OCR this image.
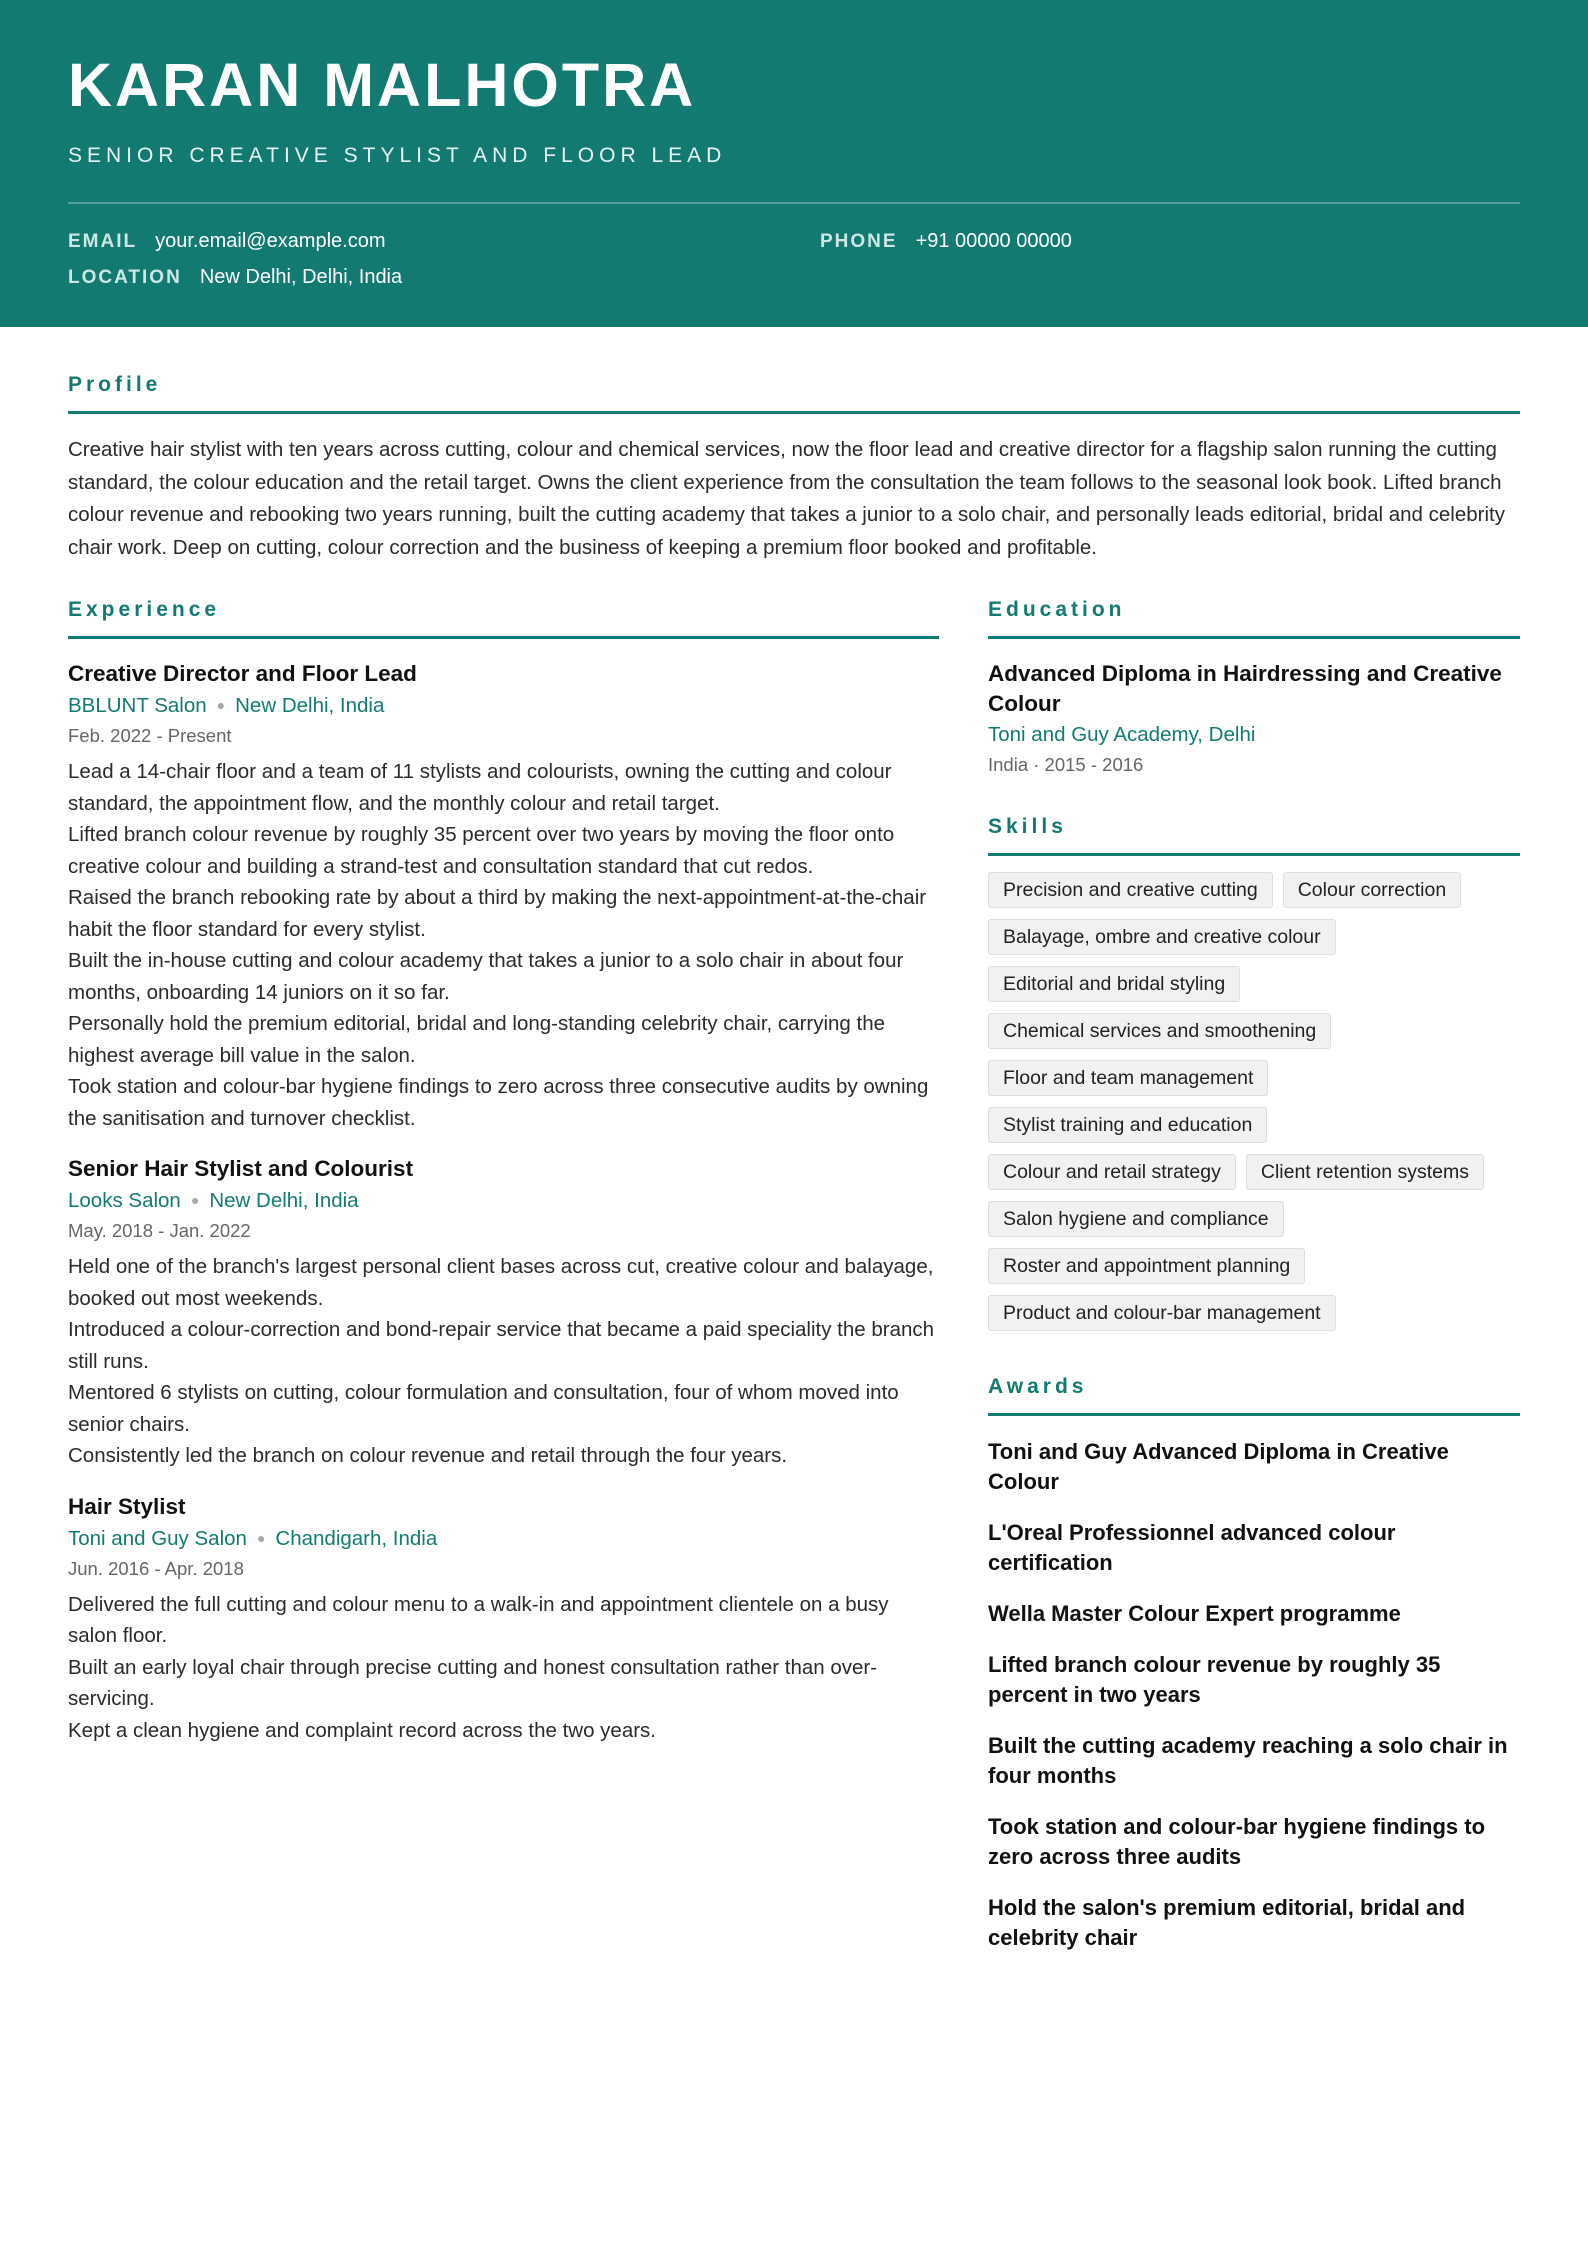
KARAN MALHOTRA
SENIOR CREATIVE STYLIST AND FLOOR LEAD
EMAIL your.email@example.com	PHONE +91 00000 00000
LOCATION New Delhi, Delhi, India
Profile

Creative hair stylist with ten years across cutting, colour and chemical services, now the floor lead and creative director for a flagship salon running the cutting standard, the colour education and the retail target. Owns the client experience from the consultation the team follows to the seasonal look book. Lifted branch colour revenue and rebooking two years running, built the cutting academy that takes a junior to a solo chair, and personally leads editorial, bridal and celebrity chair work. Deep on cutting, colour correction and the business of keeping a premium floor booked and profitable.

Experience
Creative Director and Floor Lead
BBLUNT Salon ● New Delhi, India
Feb. 2022 - Present
Lead a 14-chair floor and a team of 11 stylists and colourists, owning the cutting and colour standard, the appointment flow, and the monthly colour and retail target.
Lifted branch colour revenue by roughly 35 percent over two years by moving the floor onto creative colour and building a strand-test and consultation standard that cut redos.
Raised the branch rebooking rate by about a third by making the next-appointment-at-the-chair habit the floor standard for every stylist.
Built the in-house cutting and colour academy that takes a junior to a solo chair in about four months, onboarding 14 juniors on it so far.
Personally hold the premium editorial, bridal and long-standing celebrity chair, carrying the highest average bill value in the salon.
Took station and colour-bar hygiene findings to zero across three consecutive audits by owning the sanitisation and turnover checklist.
Senior Hair Stylist and Colourist
Looks Salon ● New Delhi, India
May. 2018 - Jan. 2022
Held one of the branch's largest personal client bases across cut, creative colour and balayage, booked out most weekends.
Introduced a colour-correction and bond-repair service that became a paid speciality the branch still runs.
Mentored 6 stylists on cutting, colour formulation and consultation, four of whom moved into senior chairs.
Consistently led the branch on colour revenue and retail through the four years.
Hair Stylist
Toni and Guy Salon ● Chandigarh, India
Jun. 2016 - Apr. 2018
Delivered the full cutting and colour menu to a walk-in and appointment clientele on a busy salon floor.
Built an early loyal chair through precise cutting and honest consultation rather than over-servicing.
Kept a clean hygiene and complaint record across the two years.
Education
Advanced Diploma in Hairdressing and Creative Colour
Toni and Guy Academy, Delhi
India · 2015 - 2016
Skills
Precision and creative cutting	Colour correction
Balayage, ombre and creative colour
Editorial and bridal styling
Chemical services and smoothening
Floor and team management
Stylist training and education
Colour and retail strategy	Client retention systems
Salon hygiene and compliance
Roster and appointment planning
Product and colour-bar management
Awards
Toni and Guy Advanced Diploma in Creative Colour
L'Oreal Professionnel advanced colour certification
Wella Master Colour Expert programme
Lifted branch colour revenue by roughly 35 percent in two years
Built the cutting academy reaching a solo chair in four months
Took station and colour-bar hygiene findings to zero across three audits
Hold the salon's premium editorial, bridal and celebrity chair
